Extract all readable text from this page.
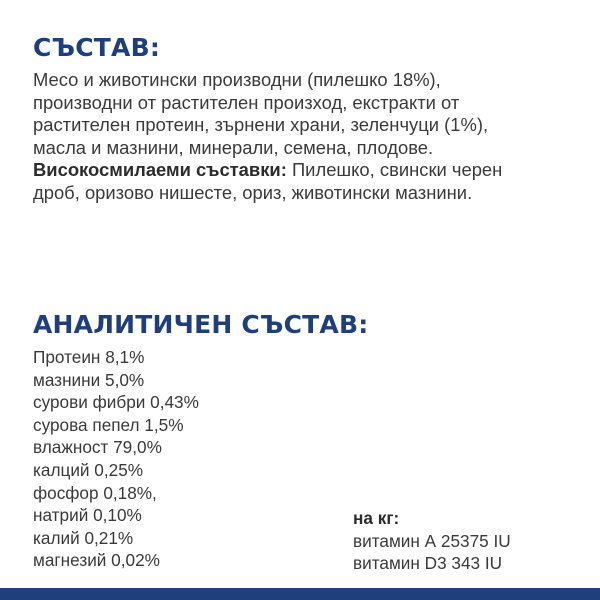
СЪСТАВ:
Месо и животински производни (пилешко 18%),
производни от растителен произход, екстракти от
растителен протеин, зърнени храни, зеленчуци (1%),
масла и мазнини, минерали, семена, плодове.
Високосмилаеми съставки: Пилешко, свински черен
дроб, оризово нишесте, ориз, животински мазнини.
АНАЛИТИЧЕН СЪСТАВ:
Протеин 8,1%
мазнини 5,0%
сурови фибри 0,43%
сурова пепел 1,5%
влажност 79,0%
калций 0,25%
фосфор 0,18%,
натрий 0,10%
калий 0,21%
магнезий 0,02%
на кг:
витамин А 25375 IU
витамин D3 343 IU
